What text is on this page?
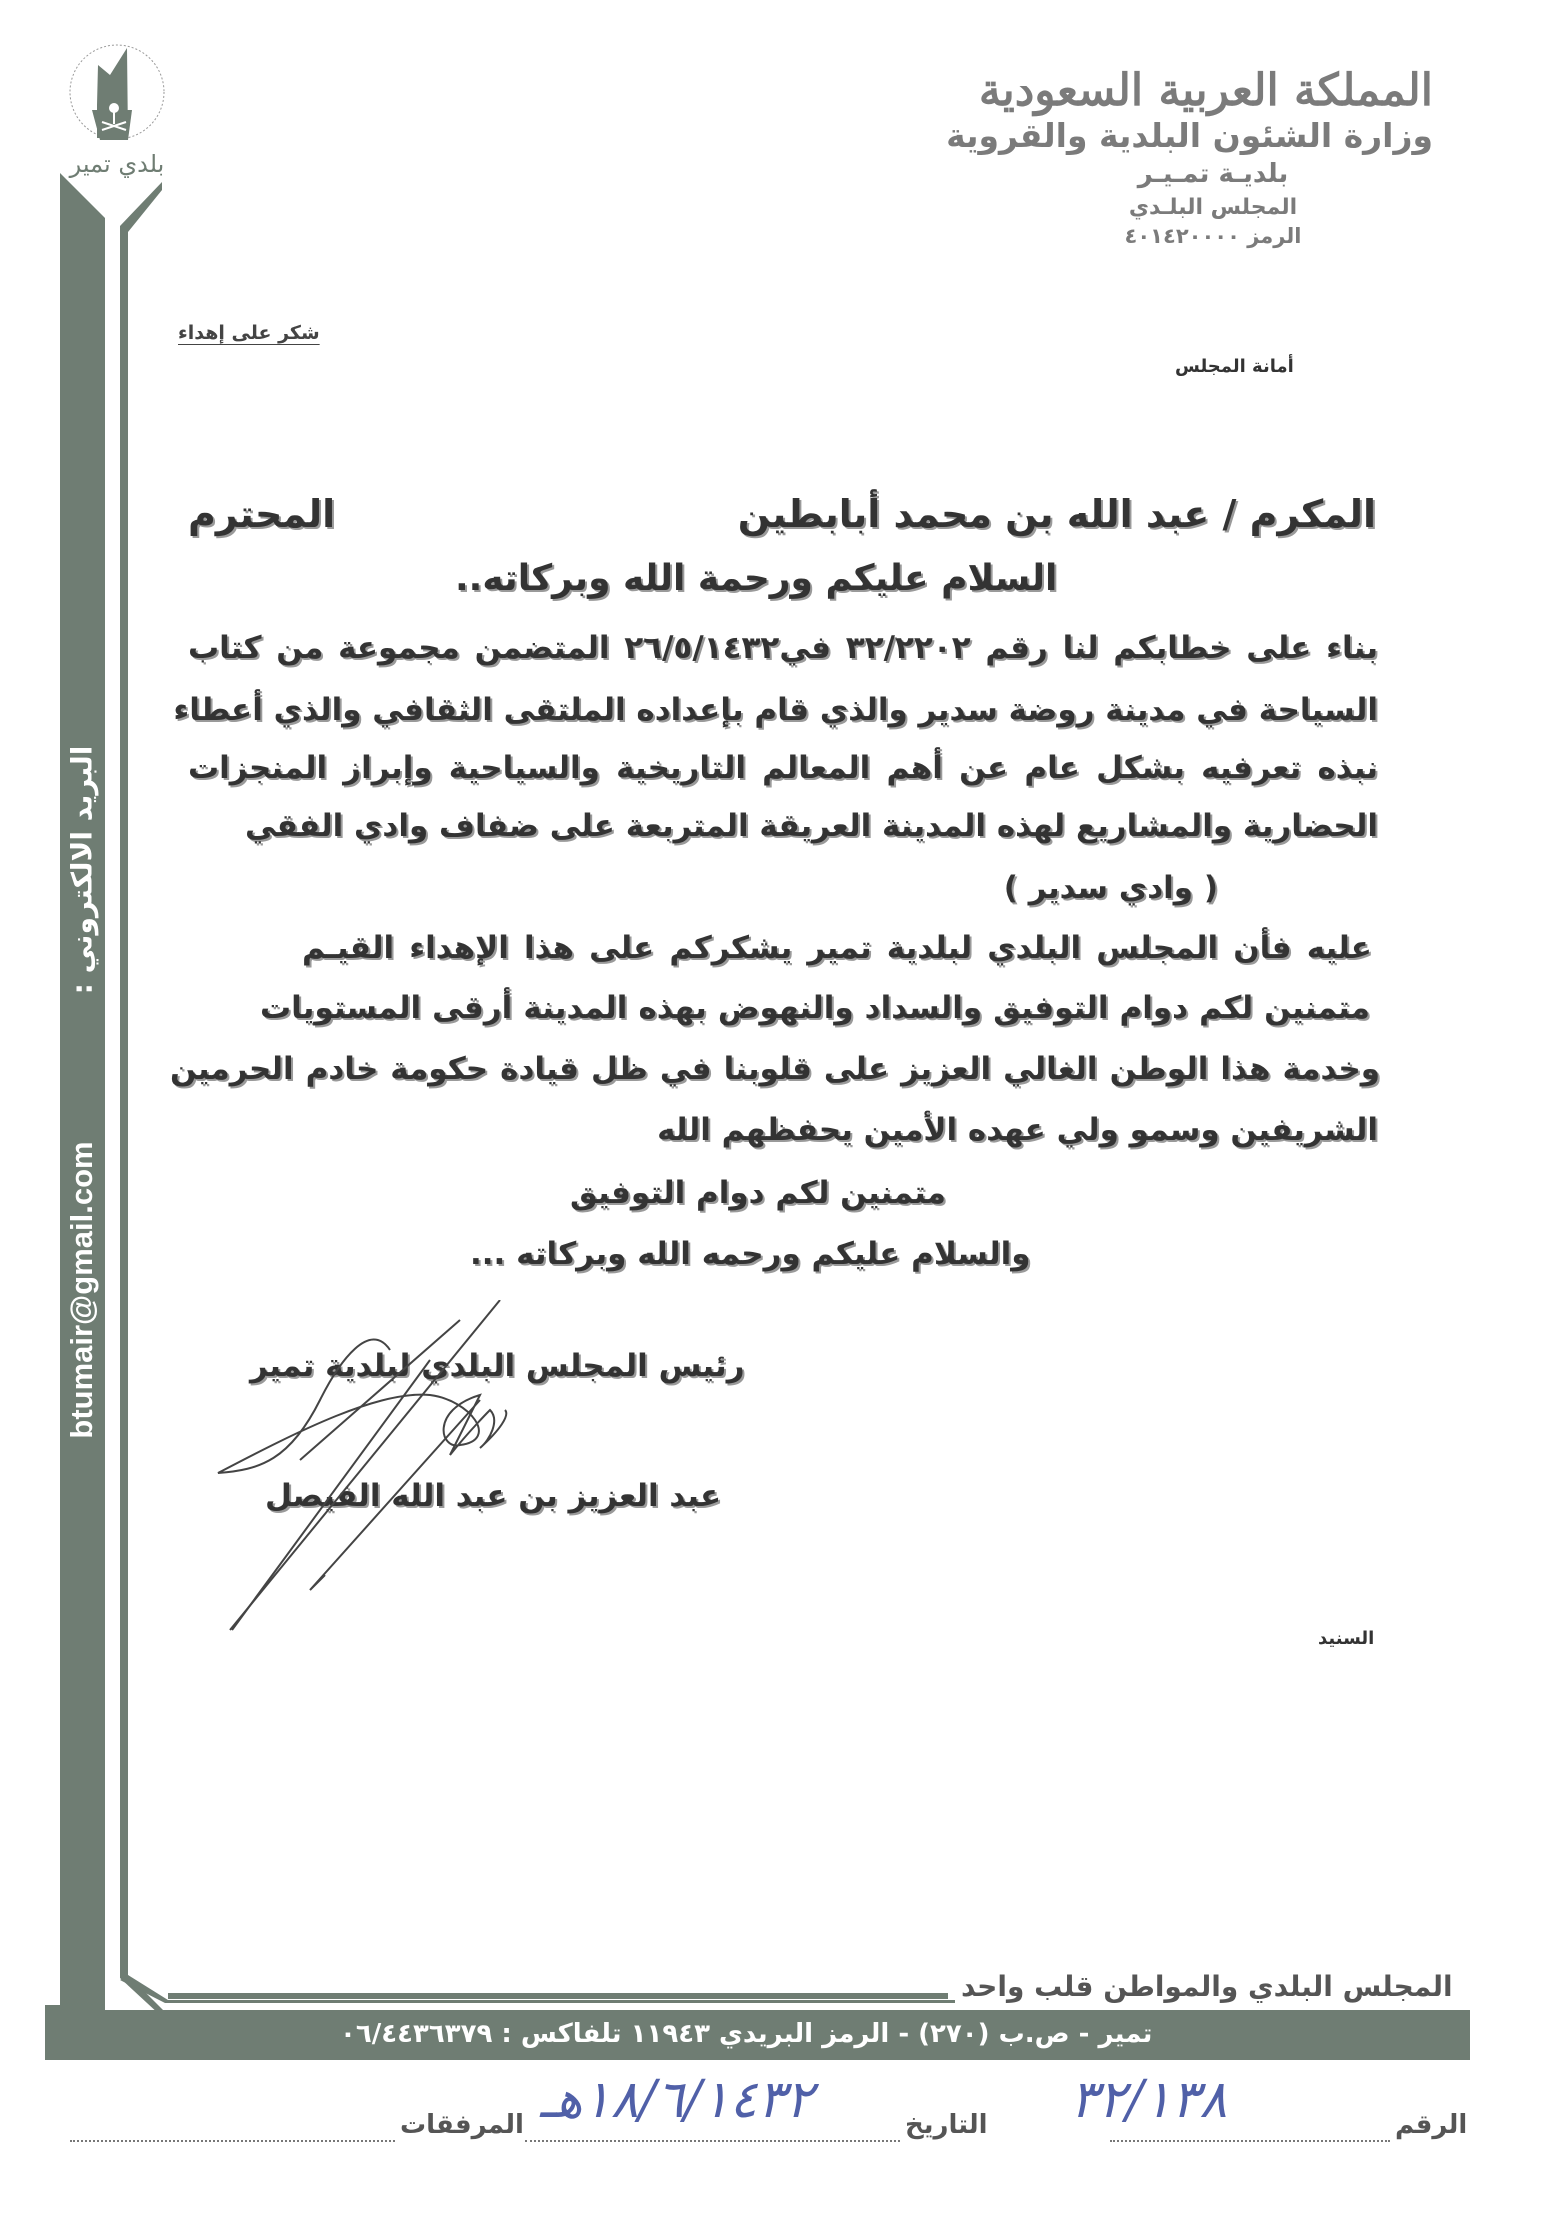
بلدي تمير
البريد الالكتروني :
btumair@gmail.com
المملكة العربية السعودية
وزارة الشئون البلدية والقروية
بلديـة تمـيـر
المجلس البلـدي
الرمز ٤٠١٤٢٠٠٠٠
شكر على إهداء
أمانة المجلس
المكرم / عبد الله بن محمد أبابطين
المحترم
السلام عليكم ورحمة الله وبركاته..
بناء على خطابكم لنا رقم ٣٢/٢٢٠٢ في٢٦/٥/١٤٣٢ المتضمن مجموعة من كتاب
السياحة في مدينة روضة سدير والذي قام بإعداده الملتقى الثقافي والذي أعطاء
نبذه تعرفيه بشكل عام عن أهم المعالم التاريخية والسياحية وإبراز المنجزات
الحضارية والمشاريع لهذه المدينة العريقة المتربعة على ضفاف وادي الفقي
( وادي سدير )
عليه فأن المجلس البلدي لبلدية تمير يشكركم على هذا الإهداء القيـم
متمنين لكم دوام التوفيق والسداد والنهوض بهذه المدينة أرقى المستويات
وخدمة هذا الوطن الغالي العزيز على قلوبنا في ظل قيادة حكومة خادم الحرمين
الشريفين وسمو ولي عهده الأمين يحفظهم الله
متمنين لكم دوام التوفيق
والسلام عليكم ورحمه الله وبركاته ...
رئيس المجلس البلدي لبلدية تمير
عبد العزيز بن عبد الله الفيصل
السنيد
المجلس البلدي والمواطن قلب واحد
تمير - ص.ب (٢٧٠) - الرمز البريدي ١١٩٤٣ تلفاكس : ٠٦/٤٤٣٦٣٧٩
الرقم
٣٢/١٣٨
التاريخ
١٨/٦/١٤٣٢هـ
المرفقات
